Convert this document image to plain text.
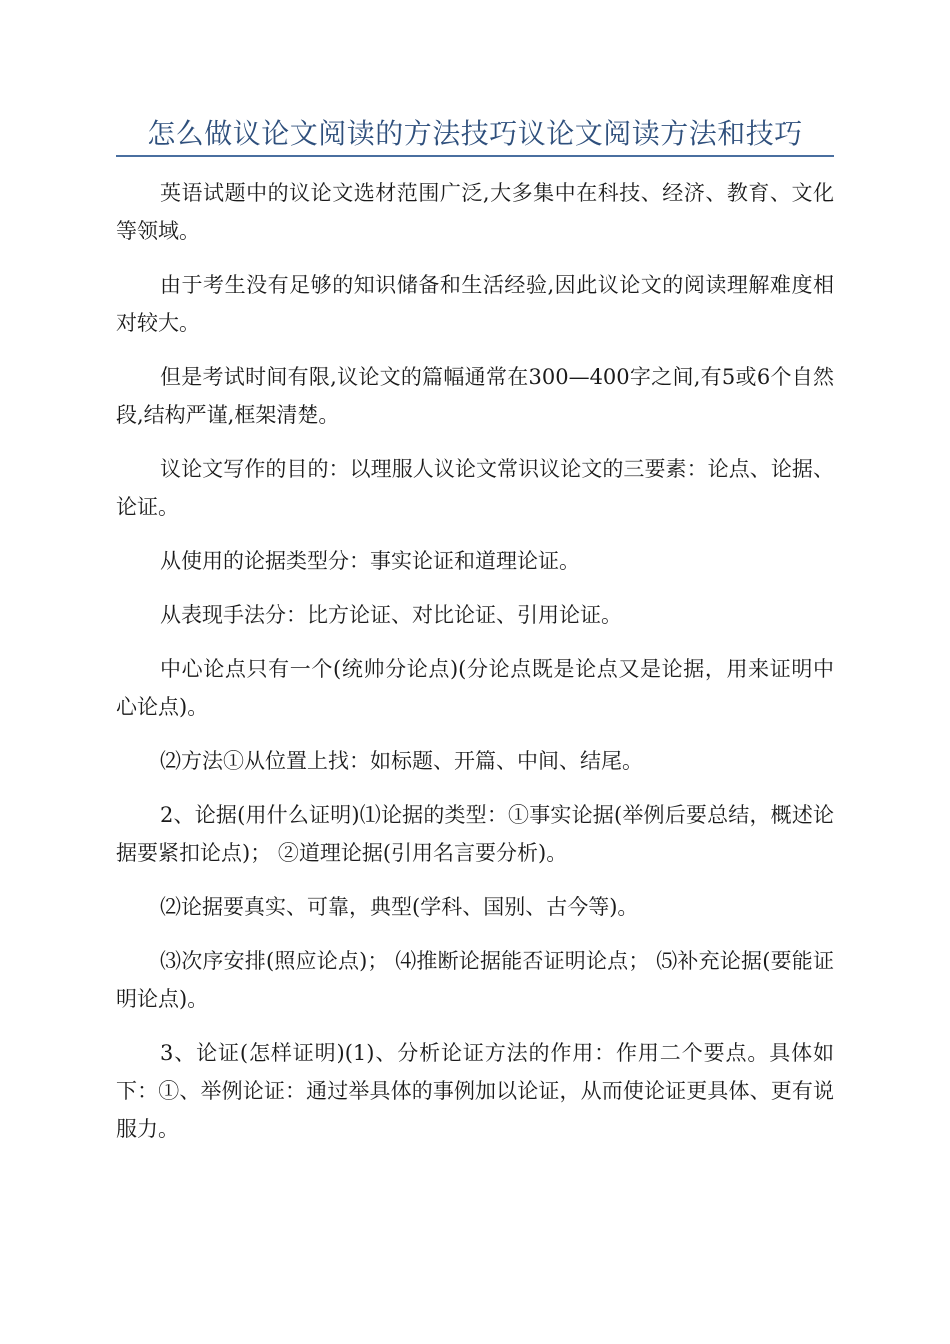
怎么做议论文阅读的方法技巧议论文阅读方法和技巧

英语试题中的议论文选材范围广泛,大多集中在科技、经济、教育、文化等领域。

由于考生没有足够的知识储备和生活经验,因此议论文的阅读理解难度相对较大。

但是考试时间有限,议论文的篇幅通常在300—400字之间,有5或6个自然段,结构严谨,框架清楚。

议论文写作的目的：以理服人议论文常识议论文的三要素：论点、论据、论证。

从使用的论据类型分：事实论证和道理论证。

从表现手法分：比方论证、对比论证、引用论证。

中心论点只有一个(统帅分论点)(分论点既是论点又是论据，用来证明中心论点)。

⑵方法①从位置上找：如标题、开篇、中间、结尾。

2、论据(用什么证明)⑴论据的类型：①事实论据(举例后要总结，概述论据要紧扣论点)； ②道理论据(引用名言要分析)。

⑵论据要真实、可靠，典型(学科、国别、古今等)。

⑶次序安排(照应论点)； ⑷推断论据能否证明论点； ⑸补充论据(要能证明论点)。

3、论证(怎样证明)(1)、分析论证方法的作用：作用二个要点。具体如下：①、举例论证：通过举具体的事例加以论证，从而使论证更具体、更有说服力。
